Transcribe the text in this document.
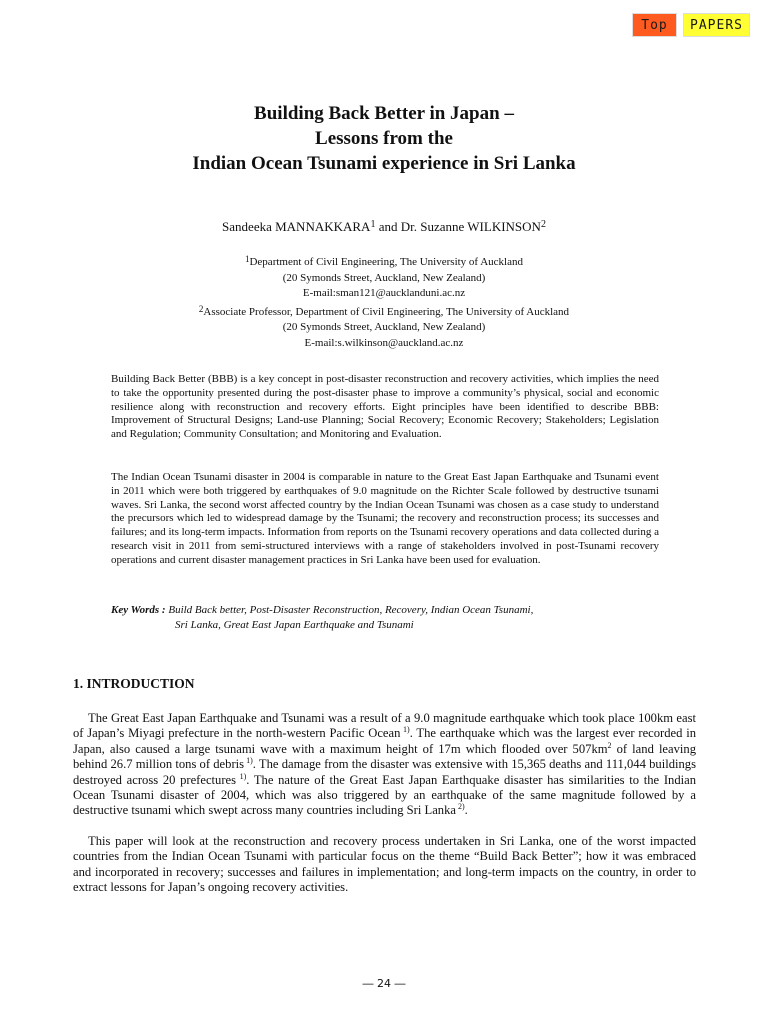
Top	PAPERS
Building Back Better in Japan –
Lessons from the
Indian Ocean Tsunami experience in Sri Lanka
Sandeeka MANNAKKARA$^1$ and Dr. Suzanne WILKINSON$^2$
$^1$Department of Civil Engineering, The University of Auckland
(20 Symonds Street, Auckland, New Zealand)
E-mail:sman121@aucklanduni.ac.nz
$^2$Associate Professor, Department of Civil Engineering, The University of Auckland
(20 Symonds Street, Auckland, New Zealand)
E-mail:s.wilkinson@auckland.ac.nz
Building Back Better (BBB) is a key concept in post-disaster reconstruction and recovery activities, which implies the need to take the opportunity presented during the post-disaster phase to improve a community’s physical, social and economic resilience along with reconstruction and recovery efforts. Eight principles have been identified to describe BBB: Improvement of Structural Designs; Land-use Planning; Social Recovery; Economic Recovery; Stakeholders; Legislation and Regulation; Community Consultation; and Monitoring and Evaluation.
The Indian Ocean Tsunami disaster in 2004 is comparable in nature to the Great East Japan Earthquake and Tsunami event in 2011 which were both triggered by earthquakes of 9.0 magnitude on the Richter Scale followed by destructive tsunami waves. Sri Lanka, the second worst affected country by the Indian Ocean Tsunami was chosen as a case study to understand the precursors which led to widespread damage by the Tsunami; the recovery and reconstruction process; its successes and failures; and its long-term impacts. Information from reports on the Tsunami recovery operations and data collected during a research visit in 2011 from semi-structured interviews with a range of stakeholders involved in post-Tsunami recovery operations and current disaster management practices in Sri Lanka have been used for evaluation.
Key Words : Build Back better, Post-Disaster Reconstruction, Recovery, Indian Ocean Tsunami,
Sri Lanka, Great East Japan Earthquake and Tsunami
1. INTRODUCTION
The Great East Japan Earthquake and Tsunami was a result of a 9.0 magnitude earthquake which took place 100km east of Japan’s Miyagi prefecture in the north-western Pacific Ocean $^{1)}$. The earthquake which was the largest ever recorded in Japan, also caused a large tsunami wave with a maximum height of 17m which flooded over $507km^2$ of land leaving behind 26.7 million tons of debris $^{1)}$. The damage from the disaster was extensive with 15,365 deaths and 111,044 buildings destroyed across 20 prefectures $^{1)}$. The nature of the Great East Japan Earthquake disaster has similarities to the Indian Ocean Tsunami disaster of 2004, which was also triggered by an earthquake of the same magnitude followed by a destructive tsunami which swept across many countries including Sri Lanka $^{2)}$.
This paper will look at the reconstruction and recovery process undertaken in Sri Lanka, one of the worst impacted countries from the Indian Ocean Tsunami with particular focus on the theme “Build Back Better”; how it was embraced and incorporated in recovery; successes and failures in implementation; and long-term impacts on the country, in order to extract lessons for Japan’s ongoing recovery activities.
― 24 ―
